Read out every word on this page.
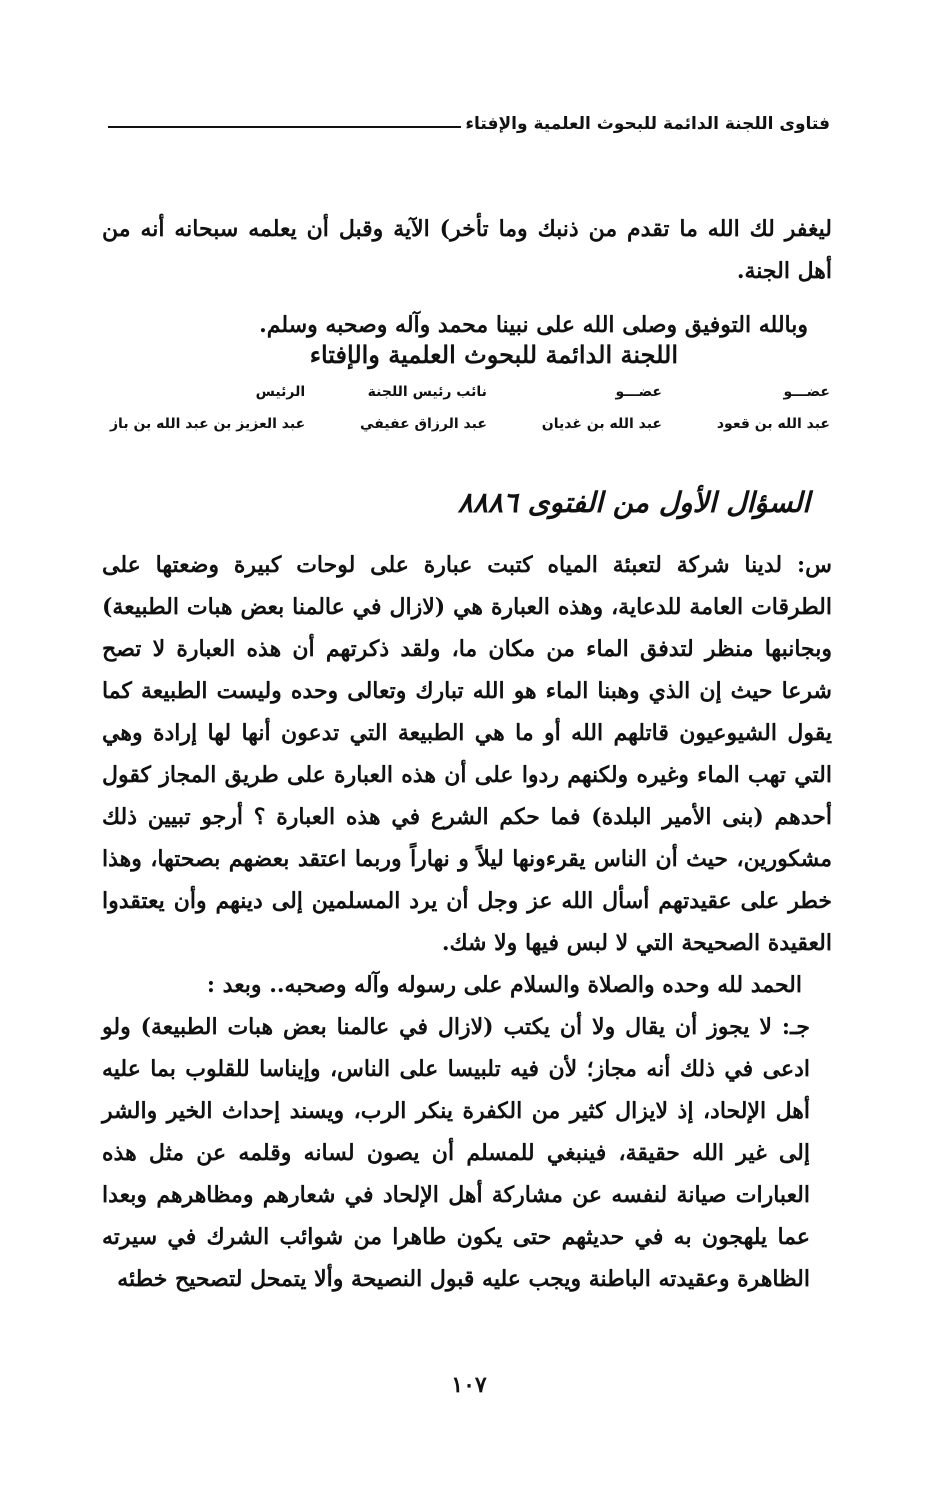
فتاوى اللجنة الدائمة للبحوث العلمية والإفتاء

ليغفر لك الله ما تقدم من ذنبك وما تأخر) الآية وقبل أن يعلمه سبحانه أنه من أهل الجنة.

وبالله التوفيق وصلى الله على نبينا محمد وآله وصحبه وسلم.

اللجنة الدائمة للبحوث العلمية والإفتاء

عضـــو
عبد الله بن قعود
عضـــو
عبد الله بن غديان
نائب رئيس اللجنة
عبد الرزاق عفيفي
الرئيس
عبد العزيز بن عبد الله بن باز
السؤال الأول من الفتوى ٨٨٨٦

س: لدينا شركة لتعبئة المياه كتبت عبارة على لوحات كبيرة وضعتها على الطرقات العامة للدعاية، وهذه العبارة هي (لازال في عالمنا بعض هبات الطبيعة) وبجانبها منظر لتدفق الماء من مكان ما، ولقد ذكرتهم أن هذه العبارة لا تصح شرعا حيث إن الذي وهبنا الماء هو الله تبارك وتعالى وحده وليست الطبيعة كما يقول الشيوعيون قاتلهم الله أو ما هي الطبيعة التي تدعون أنها لها إرادة وهي التي تهب الماء وغيره ولكنهم ردوا على أن هذه العبارة على طريق المجاز كقول أحدهم (بنى الأمير البلدة) فما حكم الشرع في هذه العبارة ؟ أرجو تبيين ذلك مشكورين، حيث أن الناس يقرءونها ليلاً و نهاراً وربما اعتقد بعضهم بصحتها، وهذا خطر على عقيدتهم أسأل الله عز وجل أن يرد المسلمين إلى دينهم وأن يعتقدوا العقيدة الصحيحة التي لا لبس فيها ولا شك.

الحمد لله وحده والصلاة والسلام على رسوله وآله وصحبه.. وبعد :

جـ: لا يجوز أن يقال ولا أن يكتب (لازال في عالمنا بعض هبات الطبيعة) ولو ادعى في ذلك أنه مجاز؛ لأن فيه تلبيسا على الناس، وإيناسا للقلوب بما عليه أهل الإلحاد، إذ لايزال كثير من الكفرة ينكر الرب، ويسند إحداث الخير والشر إلى غير الله حقيقة، فينبغي للمسلم أن يصون لسانه وقلمه عن مثل هذه العبارات صيانة لنفسه عن مشاركة أهل الإلحاد في شعارهم ومظاهرهم وبعدا عما يلهجون به في حديثهم حتى يكون طاهرا من شوائب الشرك في سيرته الظاهرة وعقيدته الباطنة ويجب عليه قبول النصيحة وألا يتمحل لتصحيح خطئه

١٠٧
